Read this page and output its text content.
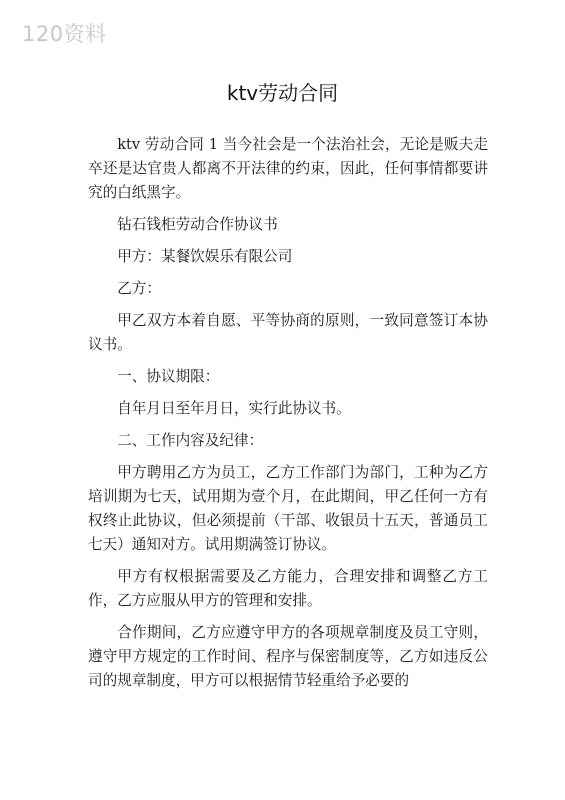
120资料
ktv劳动合同

ktv 劳动合同 1 当今社会是一个法治社会，无论是贩夫走卒还是达官贵人都离不开法律的约束，因此，任何事情都要讲究的白纸黑字。

钻石钱柜劳动合作协议书

甲方：某餐饮娱乐有限公司

乙方：

甲乙双方本着自愿、平等协商的原则，一致同意签订本协议书。

一、协议期限：

自年月日至年月日，实行此协议书。

二、工作内容及纪律：

甲方聘用乙方为员工，乙方工作部门为部门，工种为乙方培训期为七天，试用期为壹个月，在此期间，甲乙任何一方有权终止此协议，但必须提前（干部、收银员十五天，普通员工七天）通知对方。试用期满签订协议。

甲方有权根据需要及乙方能力，合理安排和调整乙方工作，乙方应服从甲方的管理和安排。

合作期间，乙方应遵守甲方的各项规章制度及员工守则，遵守甲方规定的工作时间、程序与保密制度等，乙方如违反公司的规章制度，甲方可以根据情节轻重给予必要的
